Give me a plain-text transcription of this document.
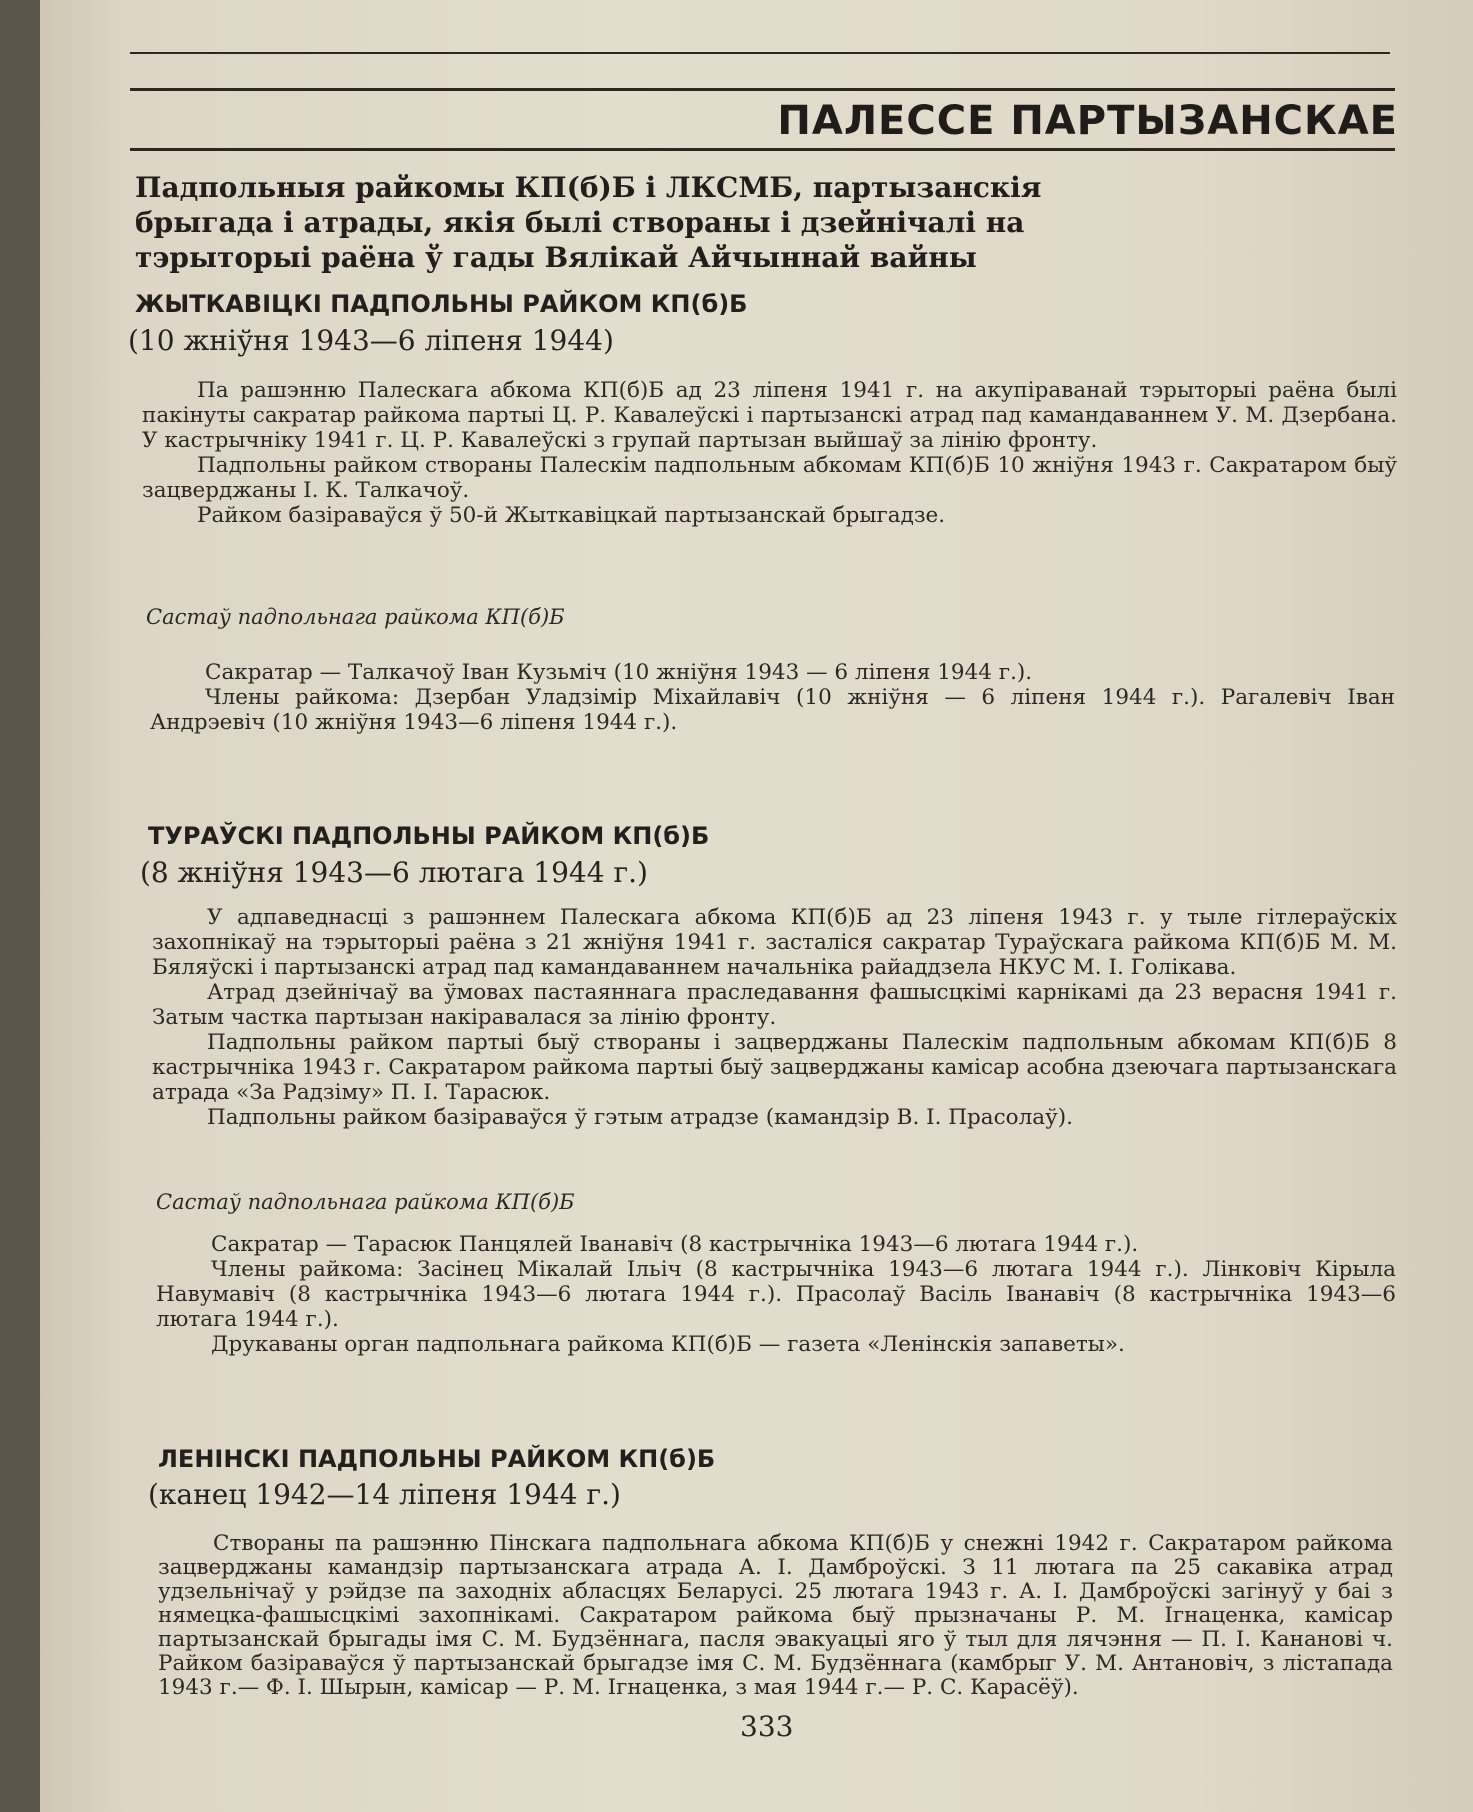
ПАЛЕССЕ ПАРТЫЗАНСКАЕ
Падпольныя райкомы КП(б)Б і ЛКСМБ, партызанскія брыгада і атрады, якія былі створаны і дзейнічалі на тэрыторыі раёна ў гады Вялікай Айчыннай вайны
ЖЫТКАВІЦКІ ПАДПОЛЬНЫ РАЙКОМ КП(б)Б
(10 жніўня 1943—6 ліпеня 1944)

Па рашэнню Палескага абкома КП(б)Б ад 23 ліпеня 1941 г. на акупіраванай тэрыторыі раёна былі пакінуты сакратар райкома партыі Ц. Р. Кавалеўскі і партызанскі атрад пад камандаваннем У. М. Дзербана. У кастрычніку 1941 г. Ц. Р. Кавалеўскі з групай партызан выйшаў за лінію фронту.

Падпольны райком створаны Палескім падпольным абкомам КП(б)Б 10 жніўня 1943 г. Сакратаром быў зацверджаны І. К. Талкачоў.

Райком базіраваўся ў 50-й Жыткавіцкай партызанскай брыгадзе.

Састаў падпольнага райкома КП(б)Б

Сакратар — Талкачоў Іван Кузьміч (10 жніўня 1943 — 6 ліпеня 1944 г.).

Члены райкома: Дзербан Уладзімір Міхайлавіч (10 жніўня — 6 ліпеня 1944 г.). Рагалевіч Іван Андрэевіч (10 жніўня 1943—6 ліпеня 1944 г.).

ТУРАЎСКІ ПАДПОЛЬНЫ РАЙКОМ КП(б)Б
(8 жніўня 1943—6 лютага 1944 г.)

У адпаведнасці з рашэннем Палескага абкома КП(б)Б ад 23 ліпеня 1943 г. у тыле гітлераўскіх захопнікаў на тэрыторыі раёна з 21 жніўня 1941 г. засталіся сакратар Тураўскага райкома КП(б)Б М. М. Бяляўскі і партызанскі атрад пад камандаваннем начальніка райаддзела НКУС М. І. Голікава.

Атрад дзейнічаў ва ўмовах пастаяннага праследавання фашысцкімі карнікамі да 23 верасня 1941 г. Затым частка партызан накіравалася за лінію фронту.

Падпольны райком партыі быў створаны і зацверджаны Палескім падпольным абкомам КП(б)Б 8 кастрычніка 1943 г. Сакратаром райкома партыі быў зацверджаны камісар асобна дзеючага партызанскага атрада «За Радзіму» П. І. Тарасюк.

Падпольны райком базіраваўся ў гэтым атрадзе (камандзір В. І. Прасолаў).

Састаў падпольнага райкома КП(б)Б

Сакратар — Тарасюк Панцялей Іванавіч (8 кастрычніка 1943—6 лютага 1944 г.).

Члены райкома: Засінец Мікалай Ільіч (8 кастрычніка 1943—6 лютага 1944 г.). Лінковіч Кірыла Навумавіч (8 кастрычніка 1943—6 лютага 1944 г.). Прасолаў Васіль Іванавіч (8 кастрычніка 1943—6 лютага 1944 г.).

Друкаваны орган падпольнага райкома КП(б)Б — газета «Ленінскія запаветы».

ЛЕНІНСКІ ПАДПОЛЬНЫ РАЙКОМ КП(б)Б
(канец 1942—14 ліпеня 1944 г.)

Створаны па рашэнню Пінскага падпольнага абкома КП(б)Б у снежні 1942 г. Сакратаром райкома зацверджаны камандзір партызанскага атрада А. І. Дамброўскі. З 11 лютага па 25 сакавіка атрад удзельнічаў у рэйдзе па заходніх абласцях Беларусі. 25 лютага 1943 г. А. І. Дамброўскі загінуў у баі з нямецка-фашысцкімі захопнікамі. Сакратаром райкома быў прызначаны Р. М. Ігнаценка, камісар партызанскай брыгады імя С. М. Будзённага, пасля эвакуацыі яго ў тыл для лячэння — П. І. Кананові ч. Райком базіраваўся ў партызанскай брыгадзе імя С. М. Будзённага (камбрыг У. М. Антановіч, з лістапада 1943 г.— Ф. І. Шырын, камісар — Р. М. Ігнаценка, з мая 1944 г.— Р. С. Карасёў).

333
